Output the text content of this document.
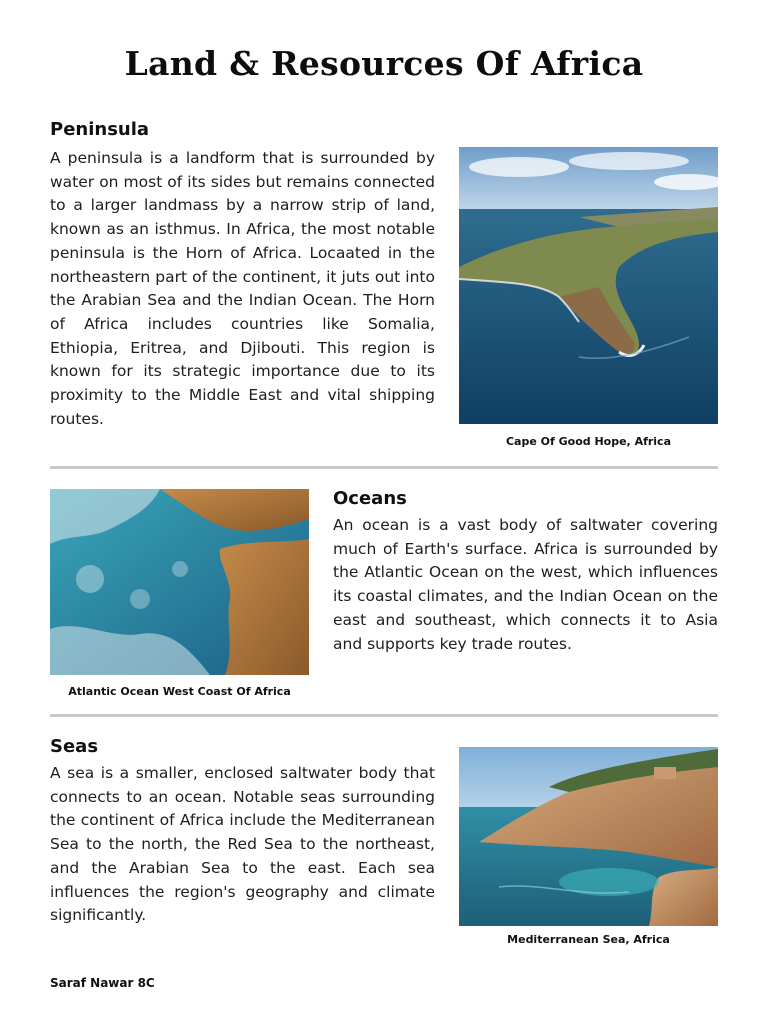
Land & Resources Of Africa
Peninsula

A peninsula is a landform that is surrounded by water on most of its sides but remains connected to a larger landmass by a narrow strip of land, known as an isthmus. In Africa, the most notable peninsula is the Horn of Africa. Locaated in the northeastern part of the continent, it juts out into the Arabian Sea and the Indian Ocean. The Horn of Africa includes countries like Somalia, Ethiopia, Eritrea, and Djibouti. This region is known for its strategic importance due to its proximity to the Middle East and vital shipping routes.

Cape Of Good Hope, Africa
Atlantic Ocean West Coast Of Africa
Oceans

An ocean is a vast body of saltwater covering much of Earth's surface. Africa is surrounded by the Atlantic Ocean on the west, which influences its coastal climates, and the Indian Ocean on the east and southeast, which connects it to Asia and supports key trade routes.

Seas

A sea is a smaller, enclosed saltwater body that connects to an ocean. Notable seas surrounding the continent of Africa include the Mediterranean Sea to the north, the Red Sea to the northeast, and the Arabian Sea to the east. Each sea influences the region's geography and climate significantly.

Mediterranean Sea, Africa
Saraf Nawar 8C
